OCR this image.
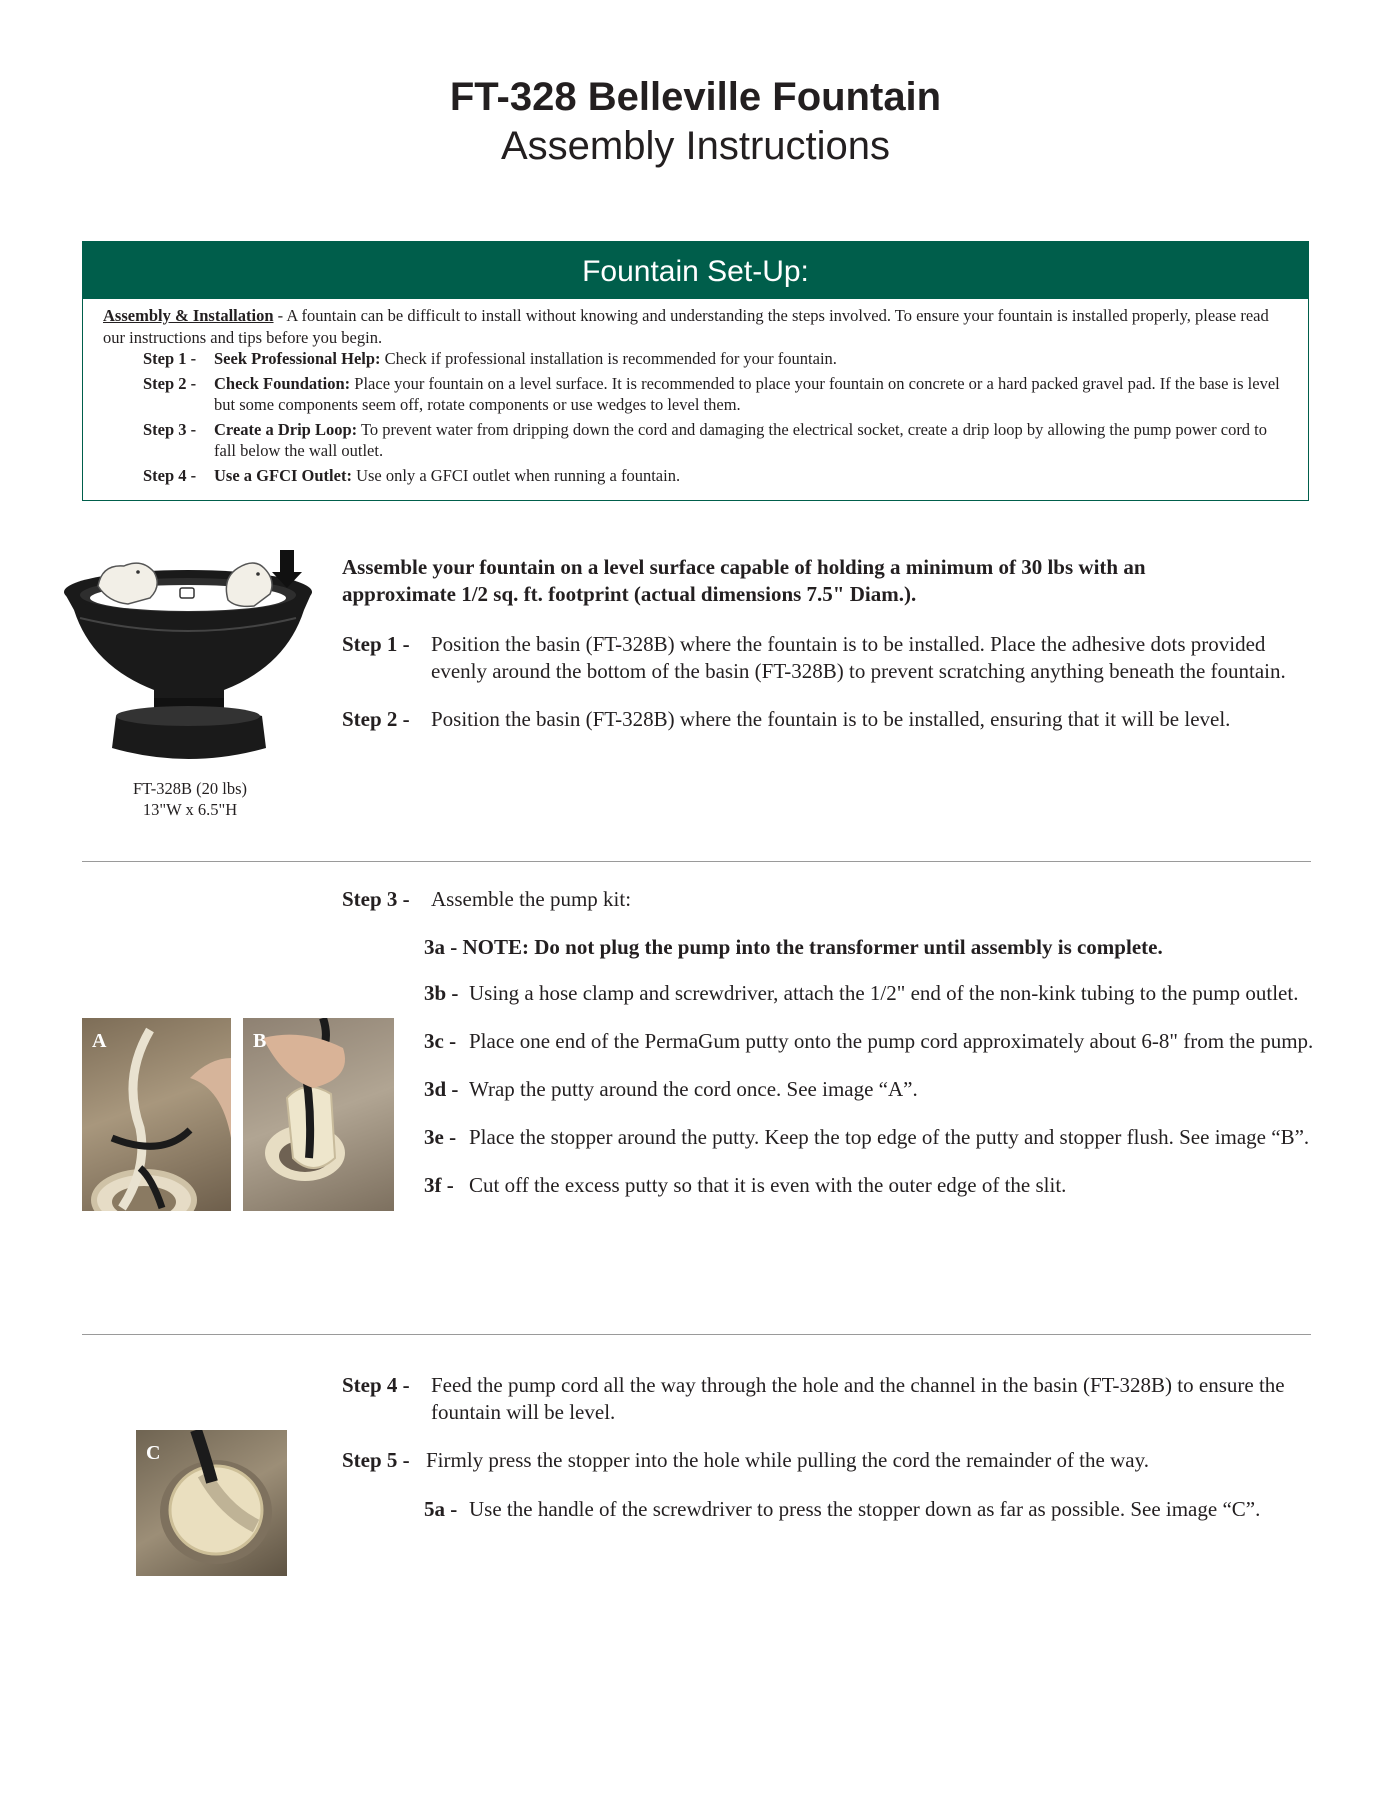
FT-328 Belleville Fountain
Assembly Instructions
Fountain Set-Up:

Assembly & Installation - A fountain can be difficult to install without knowing and understanding the steps involved. To ensure your fountain is installed properly, please read our instructions and tips before you begin.

Step 1 -	Seek Professional Help: Check if professional installation is recommended for your fountain.
Step 2 -	Check Foundation: Place your fountain on a level surface. It is recommended to place your fountain on concrete or a hard packed gravel pad. If the base is level but some components seem off, rotate components or use wedges to level them.
Step 3 -	Create a Drip Loop: To prevent water from dripping down the cord and damaging the electrical socket, create a drip loop by allowing the pump power cord to fall below the wall outlet.
Step 4 -	Use a GFCI Outlet: Use only a GFCI outlet when running a fountain.
FT-328B (20 lbs)
13"W x 6.5"H
Assemble your fountain on a level surface capable of holding a minimum of 30 lbs with an approximate 1/2 sq. ft. footprint (actual dimensions 7.5" Diam.).
Step 1 -	Position the basin (FT-328B) where the fountain is to be installed. Place the adhesive dots provided evenly around the bottom of the basin (FT-328B) to prevent scratching anything beneath the fountain.
Step 2 -	Position the basin (FT-328B) where the fountain is to be installed, ensuring that it will be level.
Step 3 -	Assemble the pump kit:
3a - NOTE: Do not plug the pump into the transformer until assembly is complete.
3b - Using a hose clamp and screwdriver, attach the 1/2" end of the non-kink tubing to the pump outlet.
3c - Place one end of the PermaGum putty onto the pump cord approximately about 6-8" from the pump.
3d - Wrap the putty around the cord once. See image “A”.
3e - Place the stopper around the putty. Keep the top edge of the putty and stopper flush. See image “B”.
3f - Cut off the excess putty so that it is even with the outer edge of the slit.
A	B
Step 4 -	Feed the pump cord all the way through the hole and the channel in the basin (FT-328B) to ensure the fountain will be level.
Step 5 - Firmly press the stopper into the hole while pulling the cord the remainder of the way.
5a - Use the handle of the screwdriver to press the stopper down as far as possible. See image “C”.
C
